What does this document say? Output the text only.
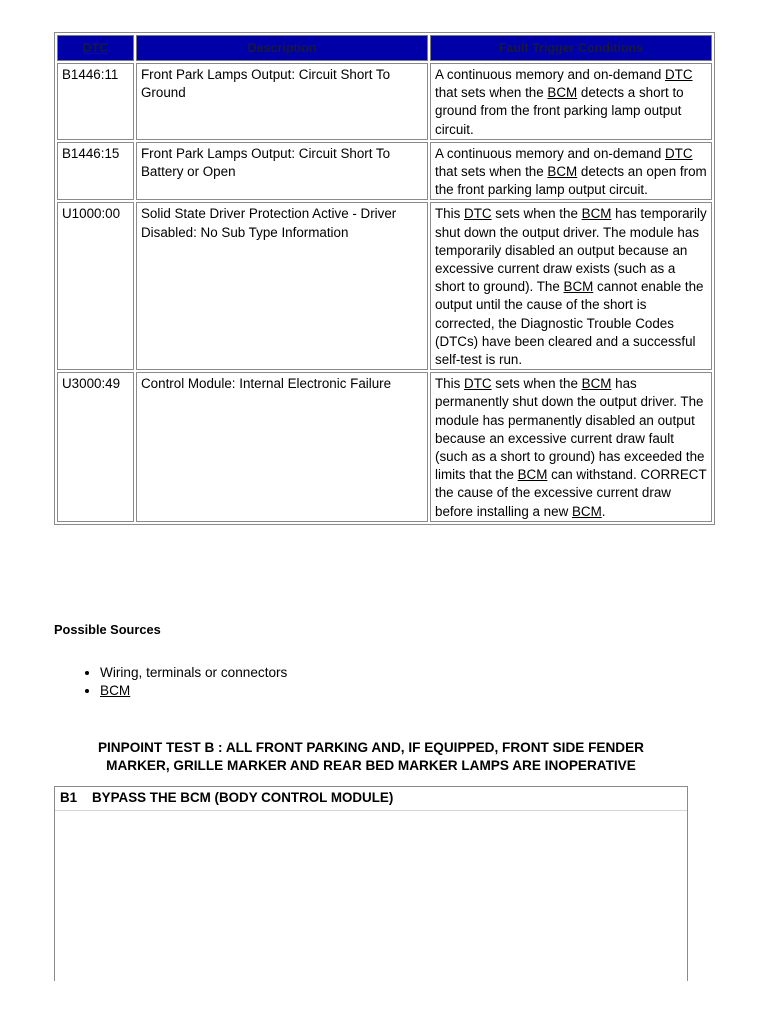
DTC	Description	Fault Trigger Conditions
B1446:11	Front Park Lamps Output: Circuit Short To Ground	A continuous memory and on-demand DTC that sets when the BCM detects a short to ground from the front parking lamp output circuit.
B1446:15	Front Park Lamps Output: Circuit Short To Battery or Open	A continuous memory and on-demand DTC that sets when the BCM detects an open from the front parking lamp output circuit.
U1000:00	Solid State Driver Protection Active - Driver Disabled: No Sub Type Information	This DTC sets when the BCM has temporarily shut down the output driver. The module has temporarily disabled an output because an excessive current draw exists (such as a short to ground). The BCM cannot enable the output until the cause of the short is corrected, the Diagnostic Trouble Codes (DTCs) have been cleared and a successful self-test is run.
U3000:49	Control Module: Internal Electronic Failure	This DTC sets when the BCM has permanently shut down the output driver. The module has permanently disabled an output because an excessive current draw fault (such as a short to ground) has exceeded the limits that the BCM can withstand. CORRECT the cause of the excessive current draw before installing a new BCM.
Possible Sources
• Wiring, terminals or connectors
• BCM
PINPOINT TEST B : ALL FRONT PARKING AND, IF EQUIPPED, FRONT SIDE FENDER
MARKER, GRILLE MARKER AND REAR BED MARKER LAMPS ARE INOPERATIVE
B1 BYPASS THE BCM (BODY CONTROL MODULE)
